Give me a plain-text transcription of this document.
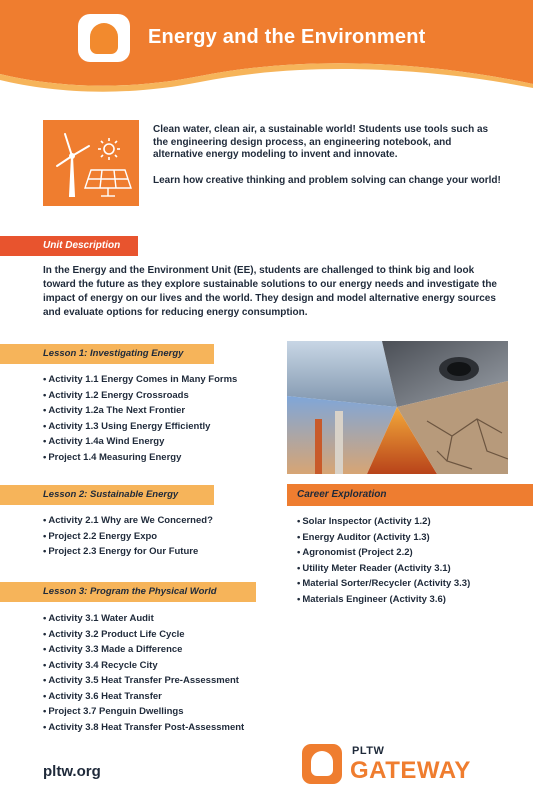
Energy and the Environment

Clean water, clean air, a sustainable world! Students use tools such as the engineering design process, an engineering notebook, and alternative energy modeling to invent and innovate.

Learn how creative thinking and problem solving can change your world!

Unit Description
In the Energy and the Environment Unit (EE), students are challenged to think big and look toward the future as they explore sustainable solutions to our energy needs and investigate the impact of energy on our lives and the world. They design and model alternative energy sources and evaluate options for reducing energy consumption.
Lesson 1: Investigating Energy
• Activity 1.1 Energy Comes in Many Forms
• Activity 1.2 Energy Crossroads
• Activity 1.2a The Next Frontier
• Activity 1.3 Using Energy Efficiently
• Activity 1.4a Wind Energy
• Project 1.4 Measuring Energy
Lesson 2: Sustainable Energy
• Activity 2.1 Why are We Concerned?
• Project 2.2 Energy Expo
• Project 2.3 Energy for Our Future
Career Exploration
• Solar Inspector (Activity 1.2)
• Energy Auditor (Activity 1.3)
• Agronomist (Project 2.2)
• Utility Meter Reader (Activity 3.1)
• Material Sorter/Recycler (Activity 3.3)
• Materials Engineer (Activity 3.6)
Lesson 3: Program the Physical World
• Activity 3.1 Water Audit
• Activity 3.2 Product Life Cycle
• Activity 3.3 Made a Difference
• Activity 3.4 Recycle City
• Activity 3.5 Heat Transfer Pre-Assessment
• Activity 3.6 Heat Transfer
• Project 3.7 Penguin Dwellings
• Activity 3.8 Heat Transfer Post-Assessment
pltw.org
PLTW
GATEWAY
